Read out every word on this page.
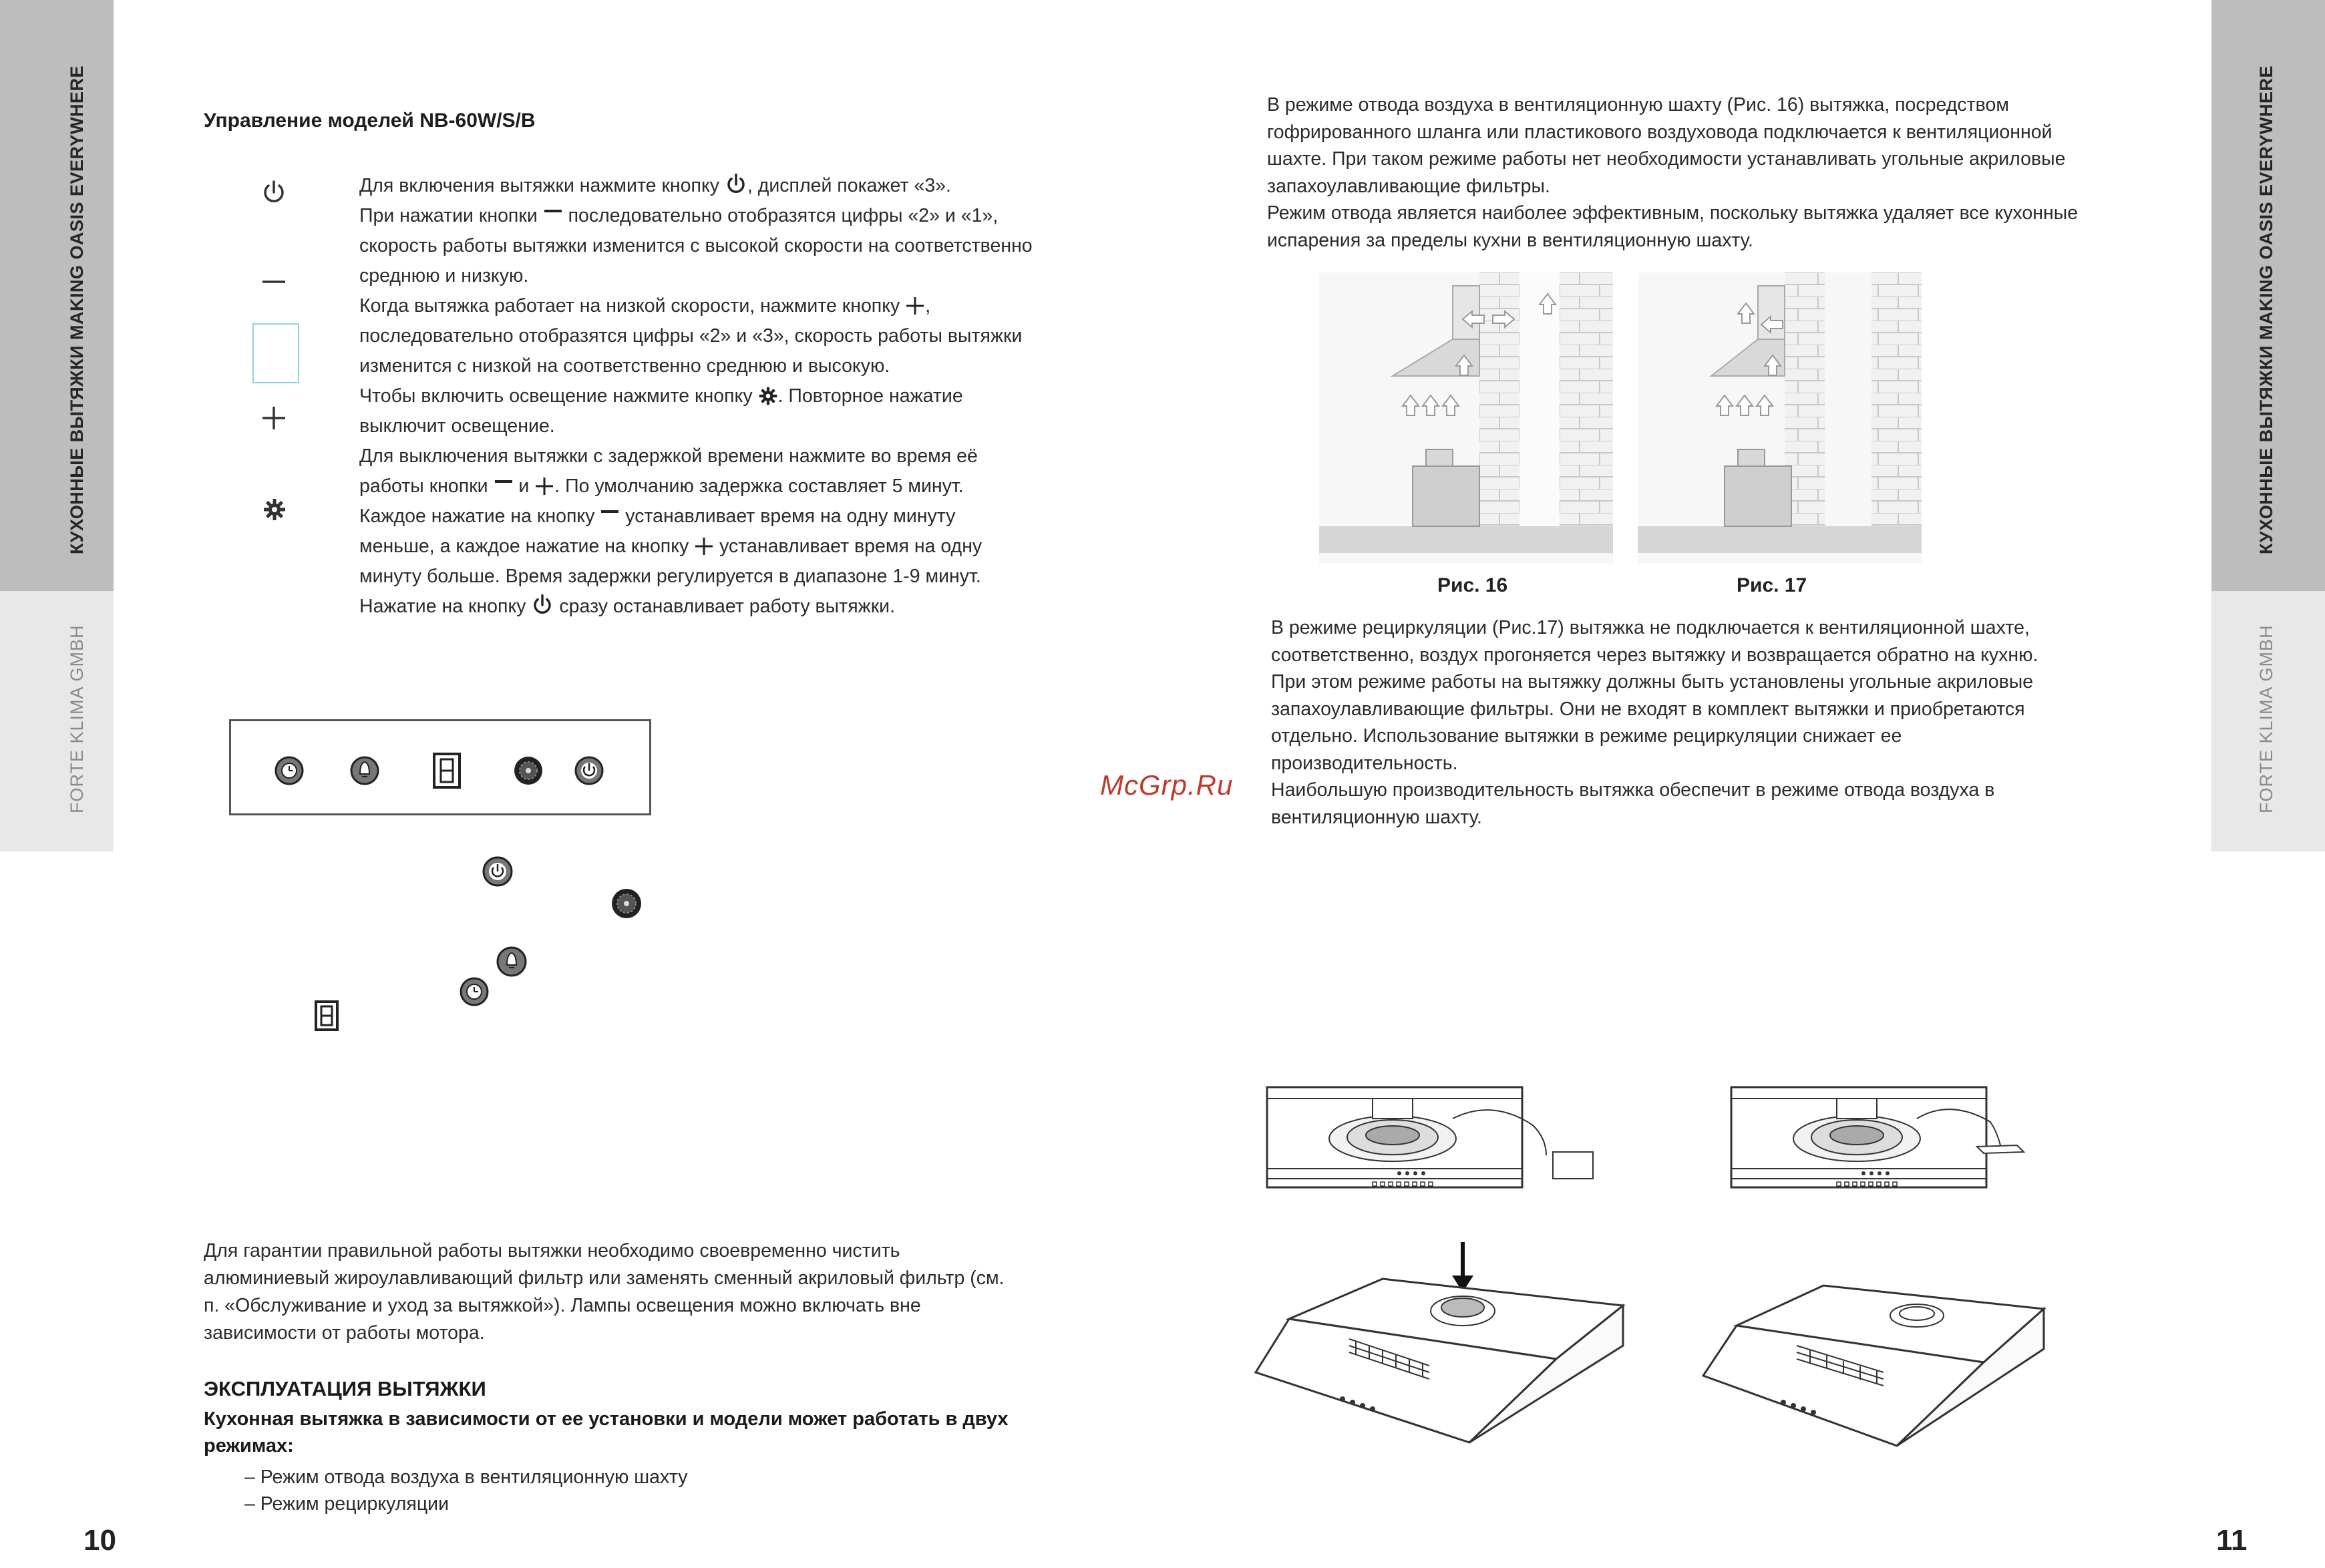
КУХОННЫЕ ВЫТЯЖКИ MAKING OASIS EVERYWHERE
FORTE KLIMA GMBH
КУХОННЫЕ ВЫТЯЖКИ MAKING OASIS EVERYWHERE
FORTE KLIMA GMBH
10	11
Управление моделей NB-60W/S/B
Для включения вытяжки нажмите кнопку , дисплей покажет «3».
При нажатии кнопки  последовательно отобразятся цифры «2» и «1»,
скорость работы вытяжки изменится с высокой скорости на соответственно
среднюю и низкую.
Когда вытяжка работает на низкой скорости, нажмите кнопку ,
последовательно отобразятся цифры «2» и «3», скорость работы вытяжки
изменится с низкой на соответственно среднюю и высокую.
Чтобы включить освещение нажмите кнопку . Повторное нажатие
выключит освещение.
Для выключения вытяжки с задержкой времени нажмите во время её
работы кнопки  и . По умолчанию задержка составляет 5 минут.
Каждое нажатие на кнопку  устанавливает время на одну минуту
меньше, а каждое нажатие на кнопку  устанавливает время на одну
минуту больше. Время задержки регулируется в диапазоне 1-9 минут.
Нажатие на кнопку  сразу останавливает работу вытяжки.
Для гарантии правильной работы вытяжки необходимо своевременно чистить
алюминиевый жироулавливающий фильтр или заменять сменный акриловый фильтр (см.
п. «Обслуживание и уход за вытяжкой»). Лампы освещения можно включать вне
зависимости от работы мотора.
ЭКСПЛУАТАЦИЯ ВЫТЯЖКИ
Кухонная вытяжка в зависимости от ее установки и модели может работать в двух
режимах:
– Режим отвода воздуха в вентиляционную шахту
– Режим рециркуляции
McGrp.Ru
В режиме отвода воздуха в вентиляционную шахту (Рис. 16) вытяжка, посредством
гофрированного шланга или пластикового воздуховода подключается к вентиляционной
шахте. При таком режиме работы нет необходимости устанавливать угольные акриловые
запахоулавливающие фильтры.
Режим отвода является наиболее эффективным, поскольку вытяжка удаляет все кухонные
испарения за пределы кухни в вентиляционную шахту.
Рис. 16	Рис. 17
В режиме рециркуляции (Рис.17) вытяжка не подключается к вентиляционной шахте,
соответственно, воздух прогоняется через вытяжку и возвращается обратно на кухню.
При этом режиме работы на вытяжку должны быть установлены угольные акриловые
запахоулавливающие фильтры. Они не входят в комплект вытяжки и приобретаются
отдельно. Использование вытяжки в режиме рециркуляции снижает ее
производительность.
Наибольшую производительность вытяжка обеспечит в режиме отвода воздуха в
вентиляционную шахту.
